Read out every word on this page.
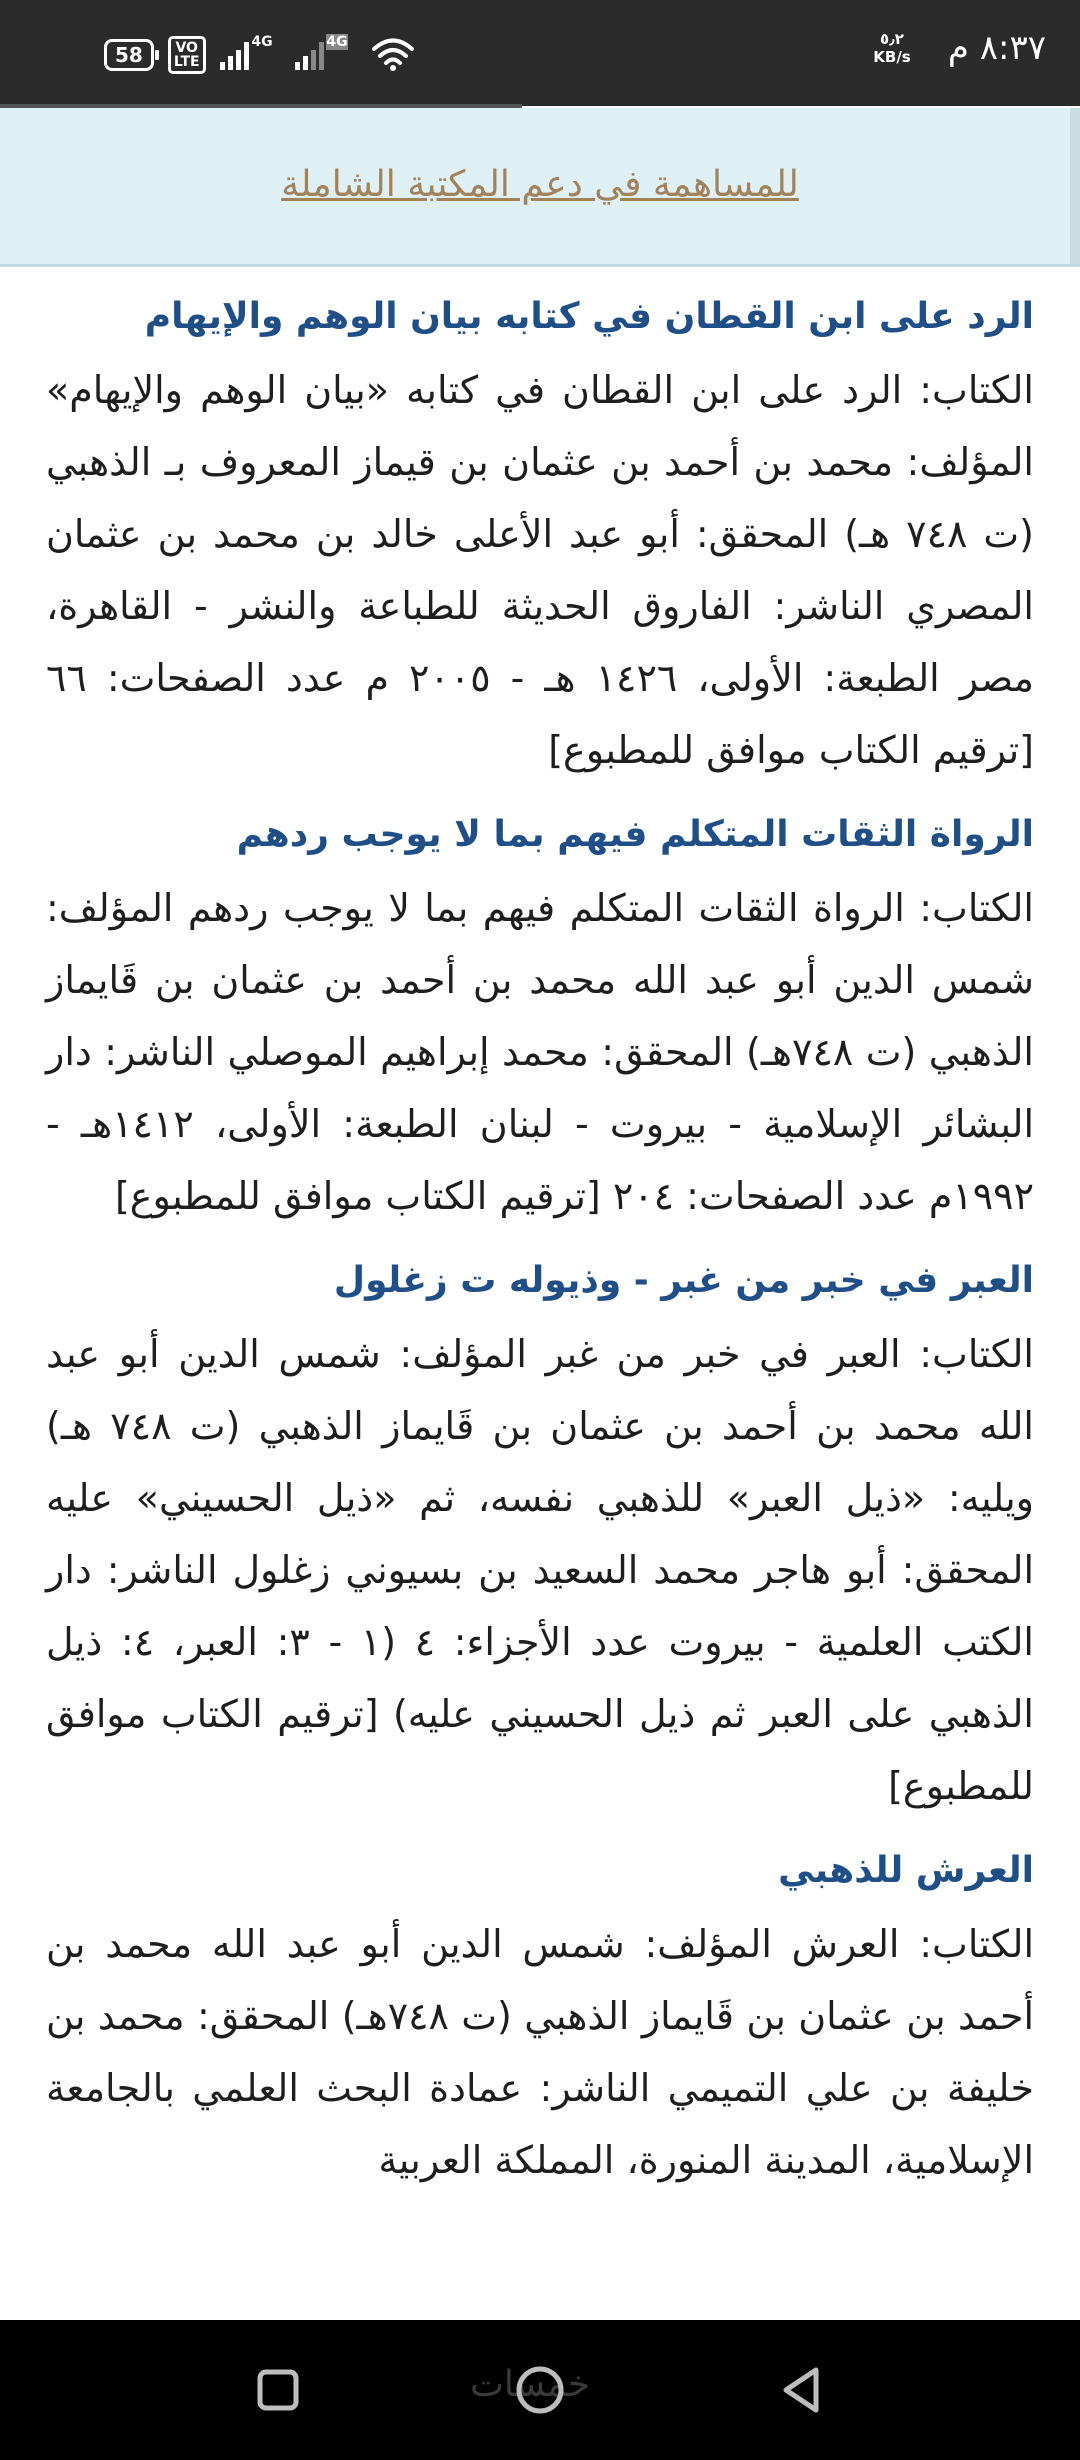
58	VO
LTE
4G	4G	٥٫٢
KB/s ٨:٣٧ م
للمساهمة في دعم المكتبة الشاملة
الرد على ابن القطان في كتابه بيان الوهم والإيهام
الكتاب: الرد على ابن القطان في كتابه «بيان الوهم والإيهام» المؤلف: محمد بن أحمد بن عثمان بن قيماز المعروف بـ الذهبي (ت ٧٤٨ هـ) المحقق: أبو عبد الأعلى خالد بن محمد بن عثمان المصري الناشر: الفاروق الحديثة للطباعة والنشر - القاهرة، مصر الطبعة: الأولى، ١٤٢٦ هـ - ٢٠٠٥ م عدد الصفحات: ٦٦ [ترقيم الكتاب موافق للمطبوع]
الرواة الثقات المتكلم فيهم بما لا يوجب ردهم
الكتاب: الرواة الثقات المتكلم فيهم بما لا يوجب ردهم المؤلف: شمس الدين أبو عبد الله محمد بن أحمد بن عثمان بن قَايماز الذهبي (ت ٧٤٨هـ) المحقق: محمد إبراهيم الموصلي الناشر: دار البشائر الإسلامية - بيروت - لبنان الطبعة: الأولى، ١٤١٢هـ - ١٩٩٢م عدد الصفحات: ٢٠٤ [ترقيم الكتاب موافق للمطبوع]
العبر في خبر من غبر - وذيوله ت زغلول
الكتاب: العبر في خبر من غبر المؤلف: شمس الدين أبو عبد الله محمد بن أحمد بن عثمان بن قَايماز الذهبي (ت ٧٤٨ هـ) ويليه: «ذيل العبر» للذهبي نفسه، ثم «ذيل الحسيني» عليه المحقق: أبو هاجر محمد السعيد بن بسيوني زغلول الناشر: دار الكتب العلمية - بيروت عدد الأجزاء: ٤ (١ - ٣: العبر، ٤: ذيل الذهبي على العبر ثم ذيل الحسيني عليه) [ترقيم الكتاب موافق للمطبوع]
العرش للذهبي
الكتاب: العرش المؤلف: شمس الدين أبو عبد الله محمد بن أحمد بن عثمان بن قَايماز الذهبي (ت ٧٤٨هـ) المحقق: محمد بن خليفة بن علي التميمي الناشر: عمادة البحث العلمي بالجامعة الإسلامية، المدينة المنورة، المملكة العربية
خمسات
